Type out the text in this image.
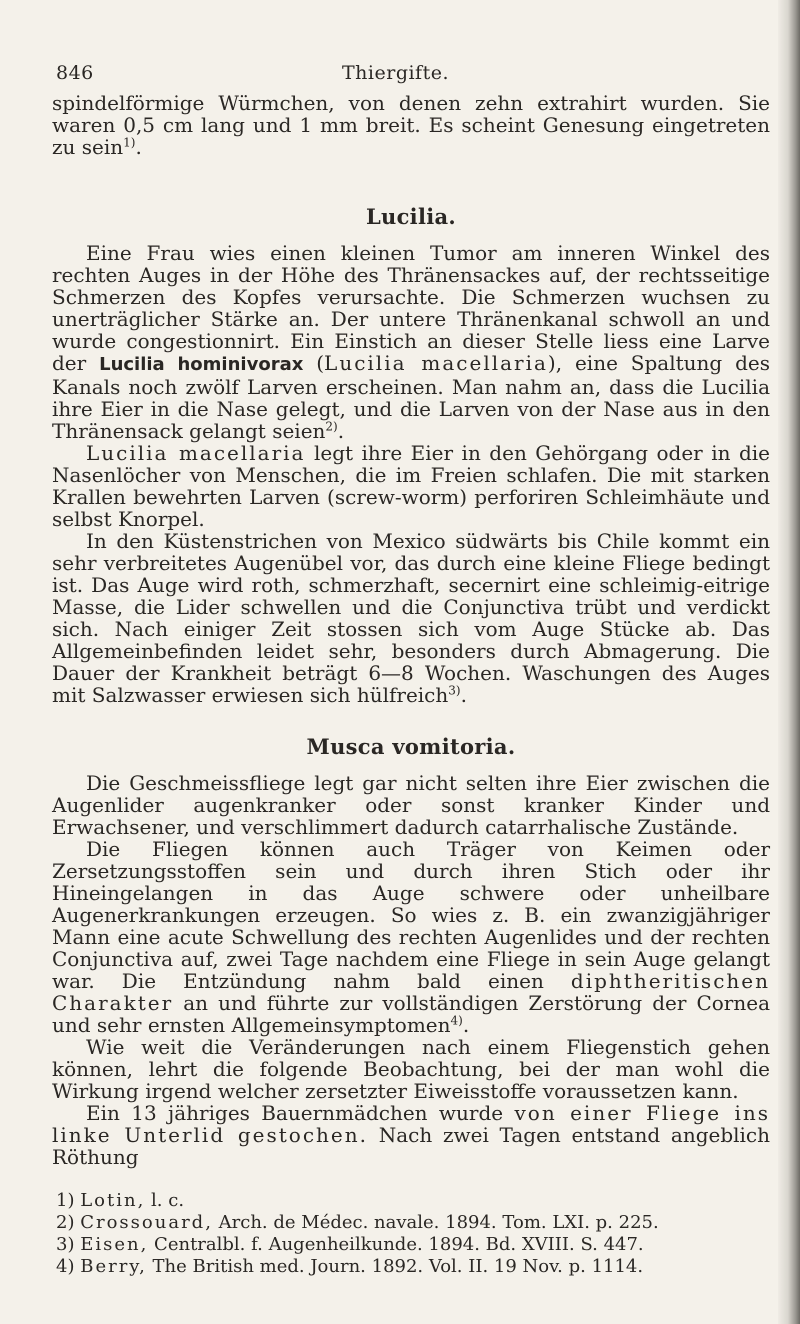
846	Thiergifte.

spindelförmige Würmchen, von denen zehn extrahirt wurden. Sie waren 0,5 cm lang und 1 mm breit. Es scheint Genesung eingetreten zu sein$^{1)}$.

Lucilia.

Eine Frau wies einen kleinen Tumor am inneren Winkel des rechten Auges in der Höhe des Thränensackes auf, der rechtsseitige Schmerzen des Kopfes verursachte. Die Schmerzen wuchsen zu unerträglicher Stärke an. Der untere Thränenkanal schwoll an und wurde congestionnirt. Ein Einstich an dieser Stelle liess eine Larve der Lucilia hominivorax (Lucilia macellaria), eine Spaltung des Kanals noch zwölf Larven erscheinen. Man nahm an, dass die Lucilia ihre Eier in die Nase gelegt, und die Larven von der Nase aus in den Thränensack gelangt seien$^{2)}$.

Lucilia macellaria legt ihre Eier in den Gehörgang oder in die Nasenlöcher von Menschen, die im Freien schlafen. Die mit starken Krallen bewehrten Larven (screw-worm) perforiren Schleimhäute und selbst Knorpel.

In den Küstenstrichen von Mexico südwärts bis Chile kommt ein sehr verbreitetes Augenübel vor, das durch eine kleine Fliege bedingt ist. Das Auge wird roth, schmerzhaft, secernirt eine schleimig-eitrige Masse, die Lider schwellen und die Conjunctiva trübt und verdickt sich. Nach einiger Zeit stossen sich vom Auge Stücke ab. Das Allgemeinbefinden leidet sehr, besonders durch Abmagerung. Die Dauer der Krankheit beträgt 6—8 Wochen. Waschungen des Auges mit Salzwasser erwiesen sich hülfreich$^{3)}$.

Musca vomitoria.

Die Geschmeissfliege legt gar nicht selten ihre Eier zwischen die Augenlider augenkranker oder sonst kranker Kinder und Erwachsener, und verschlimmert dadurch catarrhalische Zustände.

Die Fliegen können auch Träger von Keimen oder Zersetzungsstoffen sein und durch ihren Stich oder ihr Hineingelangen in das Auge schwere oder unheilbare Augenerkrankungen erzeugen. So wies z. B. ein zwanzigjähriger Mann eine acute Schwellung des rechten Augenlides und der rechten Conjunctiva auf, zwei Tage nachdem eine Fliege in sein Auge gelangt war. Die Entzündung nahm bald einen diphtheritischen Charakter an und führte zur vollständigen Zerstörung der Cornea und sehr ernsten Allgemeinsymptomen$^{4)}$.

Wie weit die Veränderungen nach einem Fliegenstich gehen können, lehrt die folgende Beobachtung, bei der man wohl die Wirkung irgend welcher zersetzter Eiweisstoffe voraussetzen kann.

Ein 13 jähriges Bauernmädchen wurde von einer Fliege ins linke Unterlid gestochen. Nach zwei Tagen entstand angeblich Röthung

1) Lotin, l. c.
2) Crossouard, Arch. de Médec. navale. 1894. Tom. LXI. p. 225.
3) Eisen, Centralbl. f. Augenheilkunde. 1894. Bd. XVIII. S. 447.
4) Berry, The British med. Journ. 1892. Vol. II. 19 Nov. p. 1114.
